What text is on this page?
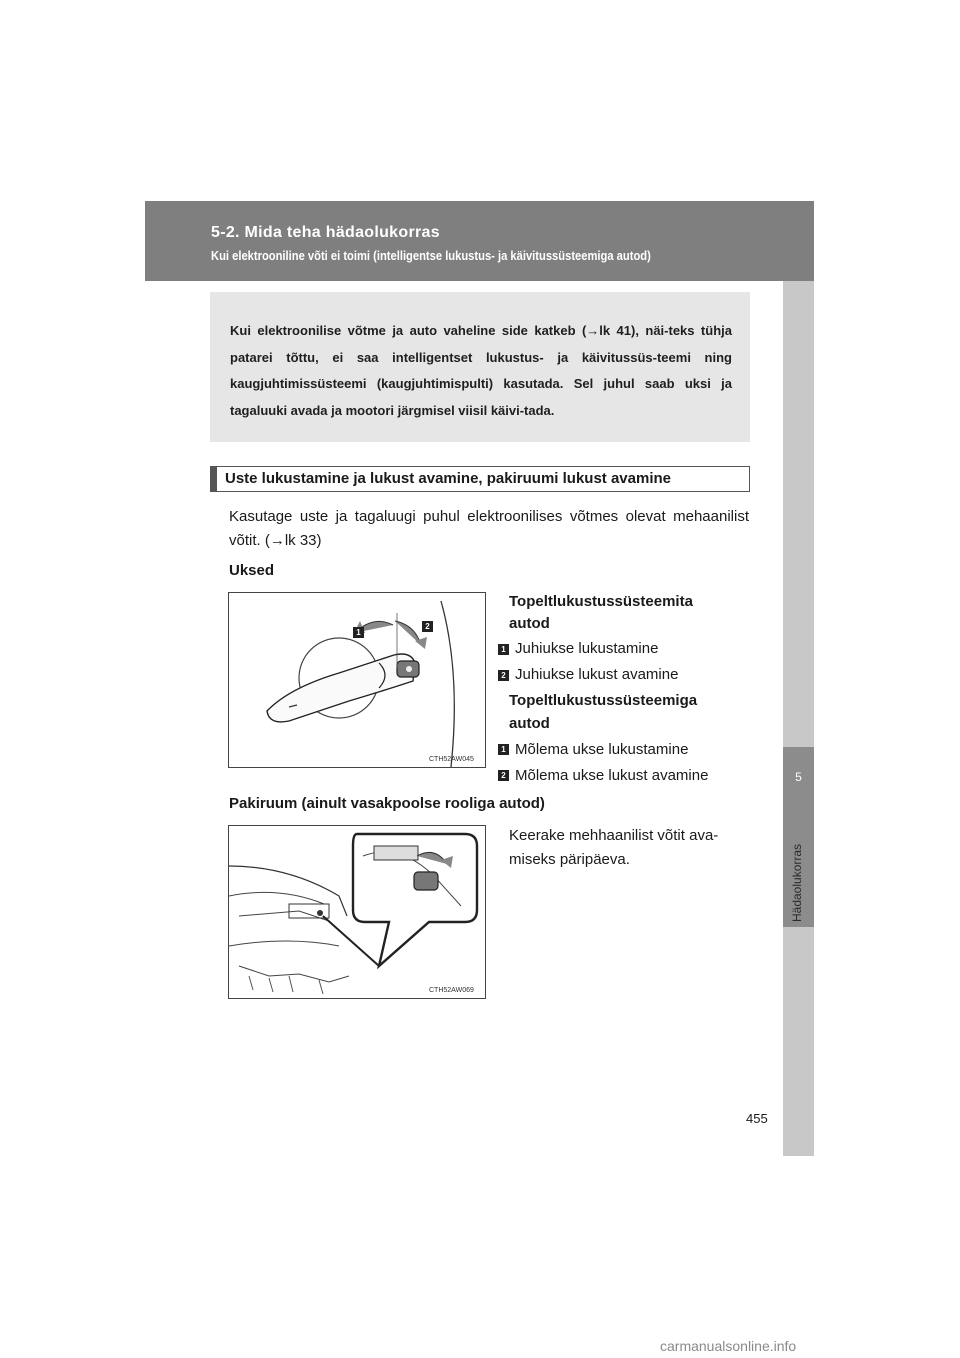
5-2. Mida teha hädaolukorras
Kui elektrooniline võti ei toimi (intelligentse lukustus- ja käivitussüsteemiga autod)
5
Hädaolukorras
Kui elektroonilise võtme ja auto vaheline side katkeb (→lk 41), näi-teks tühja patarei tõttu, ei saa intelligentset lukustus- ja käivitussüs-teemi ning kaugjuhtimissüsteemi (kaugjuhtimispulti) kasutada. Sel juhul saab uksi ja tagaluuki avada ja mootori järgmisel viisil käivi-tada.
Uste lukustamine ja lukust avamine, pakiruumi lukust avamine
Kasutage uste ja tagaluugi puhul elektroonilises võtmes olevat mehaanilist võtit. (→lk 33)
Uksed
1
2
CTH52AW045
Topeltlukustussüsteemita
autod
1 Juhiukse lukustamine
2 Juhiukse lukust avamine
Topeltlukustussüsteemiga
autod
1 Mõlema ukse lukustamine
2 Mõlema ukse lukust avamine
Pakiruum (ainult vasakpoolse rooliga autod)
CTH52AW069
Keerake mehhaanilist võtit ava-
miseks päripäeva.
455
carmanualsonline.info
